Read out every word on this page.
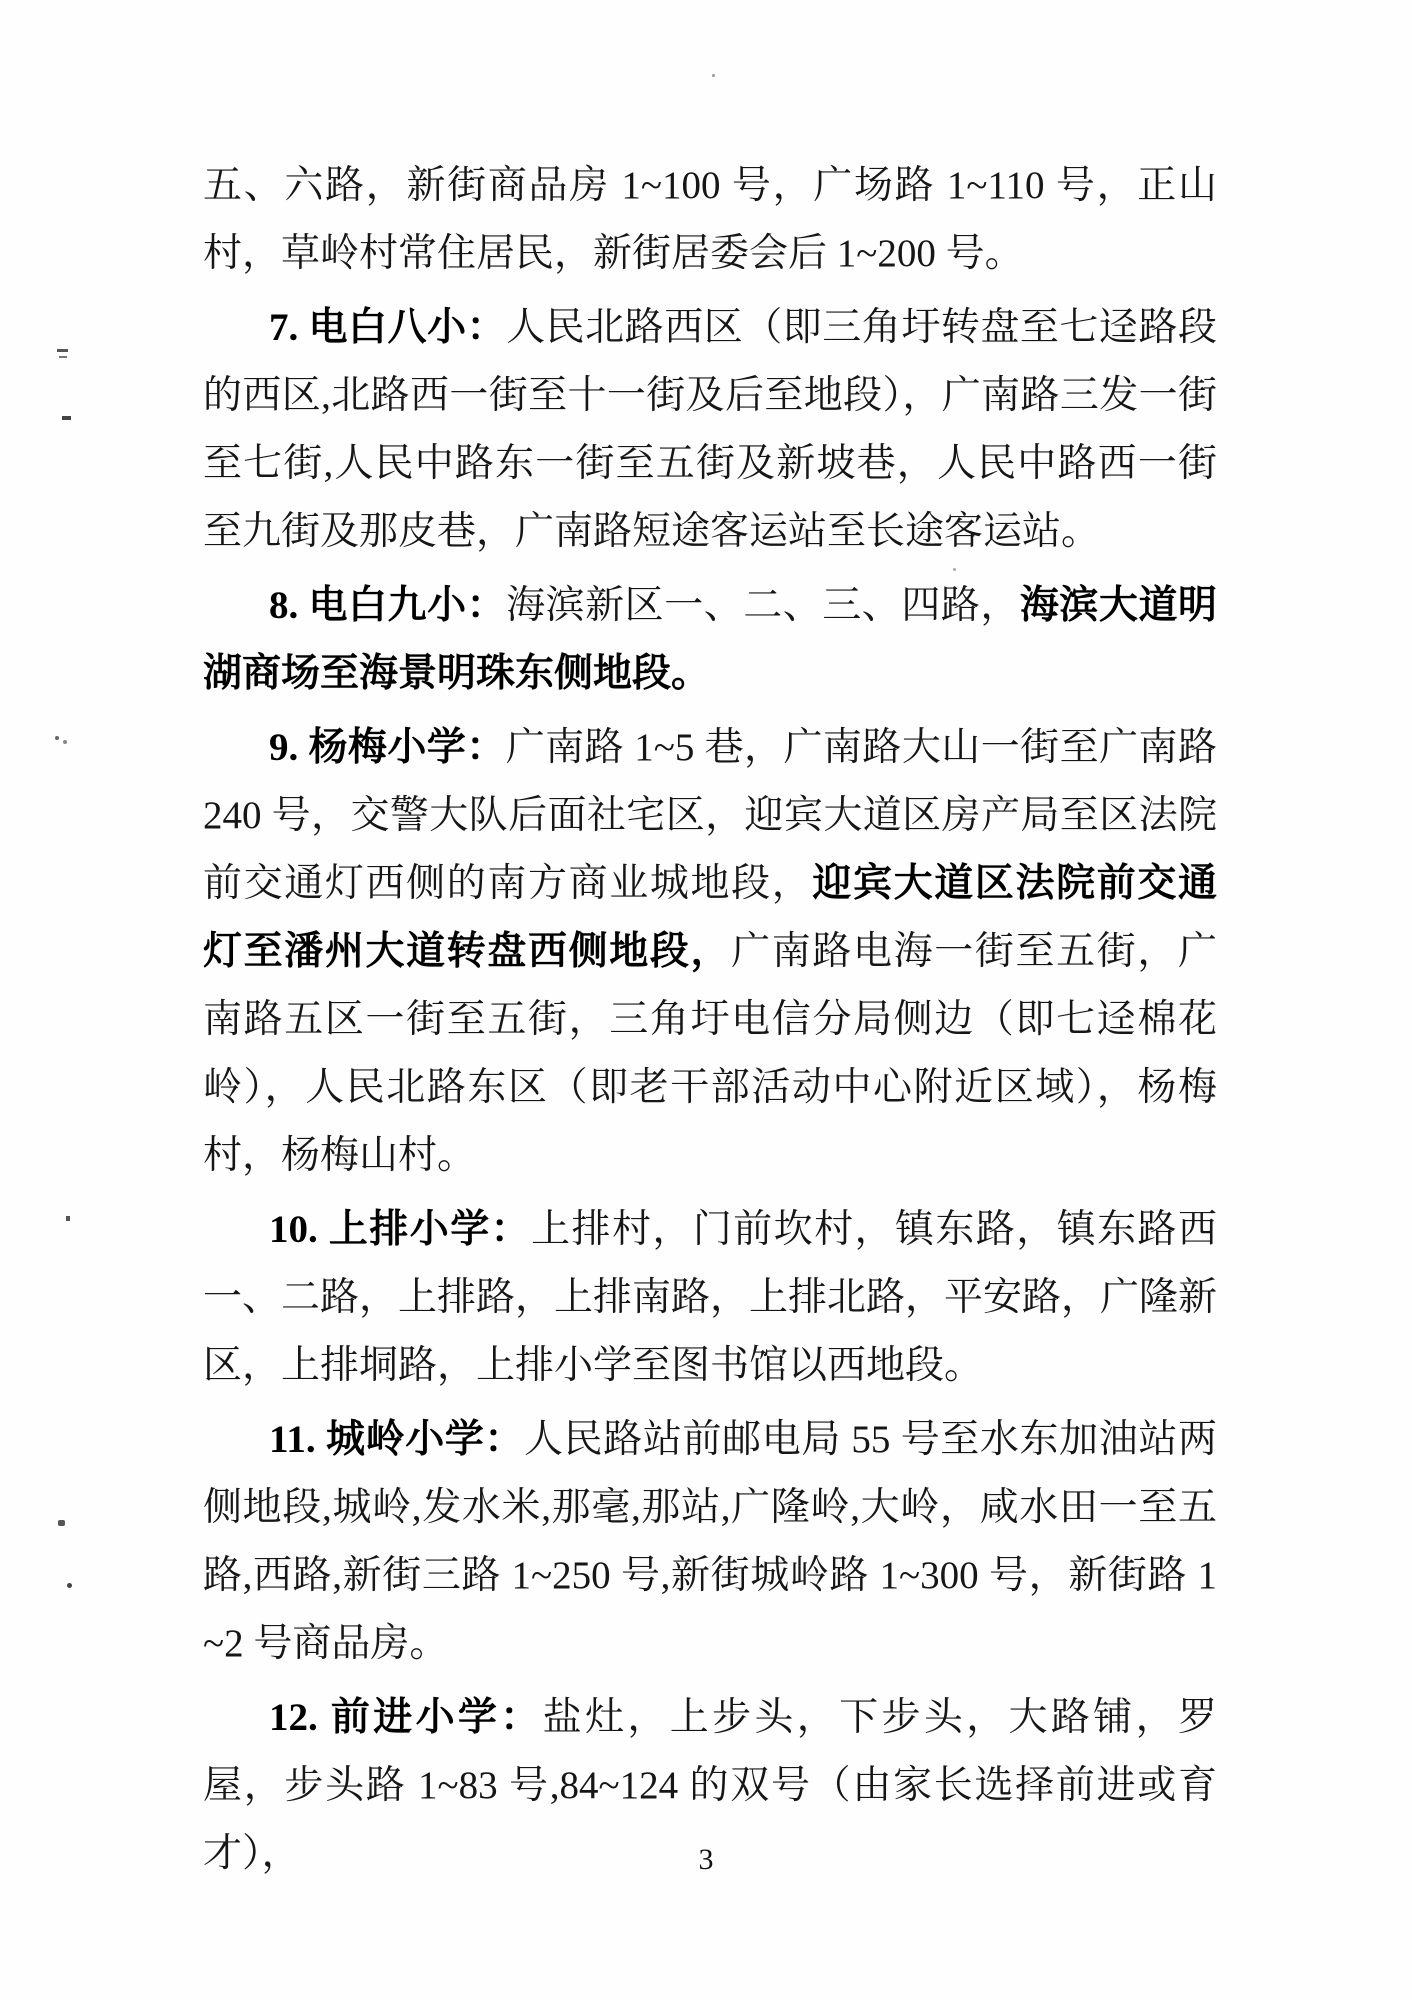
五、六路，新街商品房 1~100 号，广场路 1~110 号，正山村，草岭村常住居民，新街居委会后 1~200 号。

7. 电白八小：人民北路西区（即三角圩转盘至七迳路段的西区,北路西一街至十一街及后至地段），广南路三发一街至七街,人民中路东一街至五街及新坡巷，人民中路西一街至九街及那皮巷，广南路短途客运站至长途客运站。

8. 电白九小：海滨新区一、二、三、四路，海滨大道明湖商场至海景明珠东侧地段。

9. 杨梅小学：广南路 1~5 巷，广南路大山一街至广南路 240 号，交警大队后面社宅区，迎宾大道区房产局至区法院前交通灯西侧的南方商业城地段，迎宾大道区法院前交通灯至潘州大道转盘西侧地段，广南路电海一街至五街，广南路五区一街至五街，三角圩电信分局侧边（即七迳棉花岭），人民北路东区（即老干部活动中心附近区域），杨梅村，杨梅山村。

10. 上排小学：上排村，门前坎村，镇东路，镇东路西一、二路，上排路，上排南路，上排北路，平安路，广隆新区，上排垌路，上排小学至图书馆以西地段。

11. 城岭小学：人民路站前邮电局 55 号至水东加油站两侧地段,城岭,发水米,那毫,那站,广隆岭,大岭，咸水田一至五路,西路,新街三路 1~250 号,新街城岭路 1~300 号，新街路 1~2 号商品房。

12. 前进小学：盐灶，上步头，下步头，大路铺，罗屋，步头路 1~83 号,84~124 的双号（由家长选择前进或育才），	3
